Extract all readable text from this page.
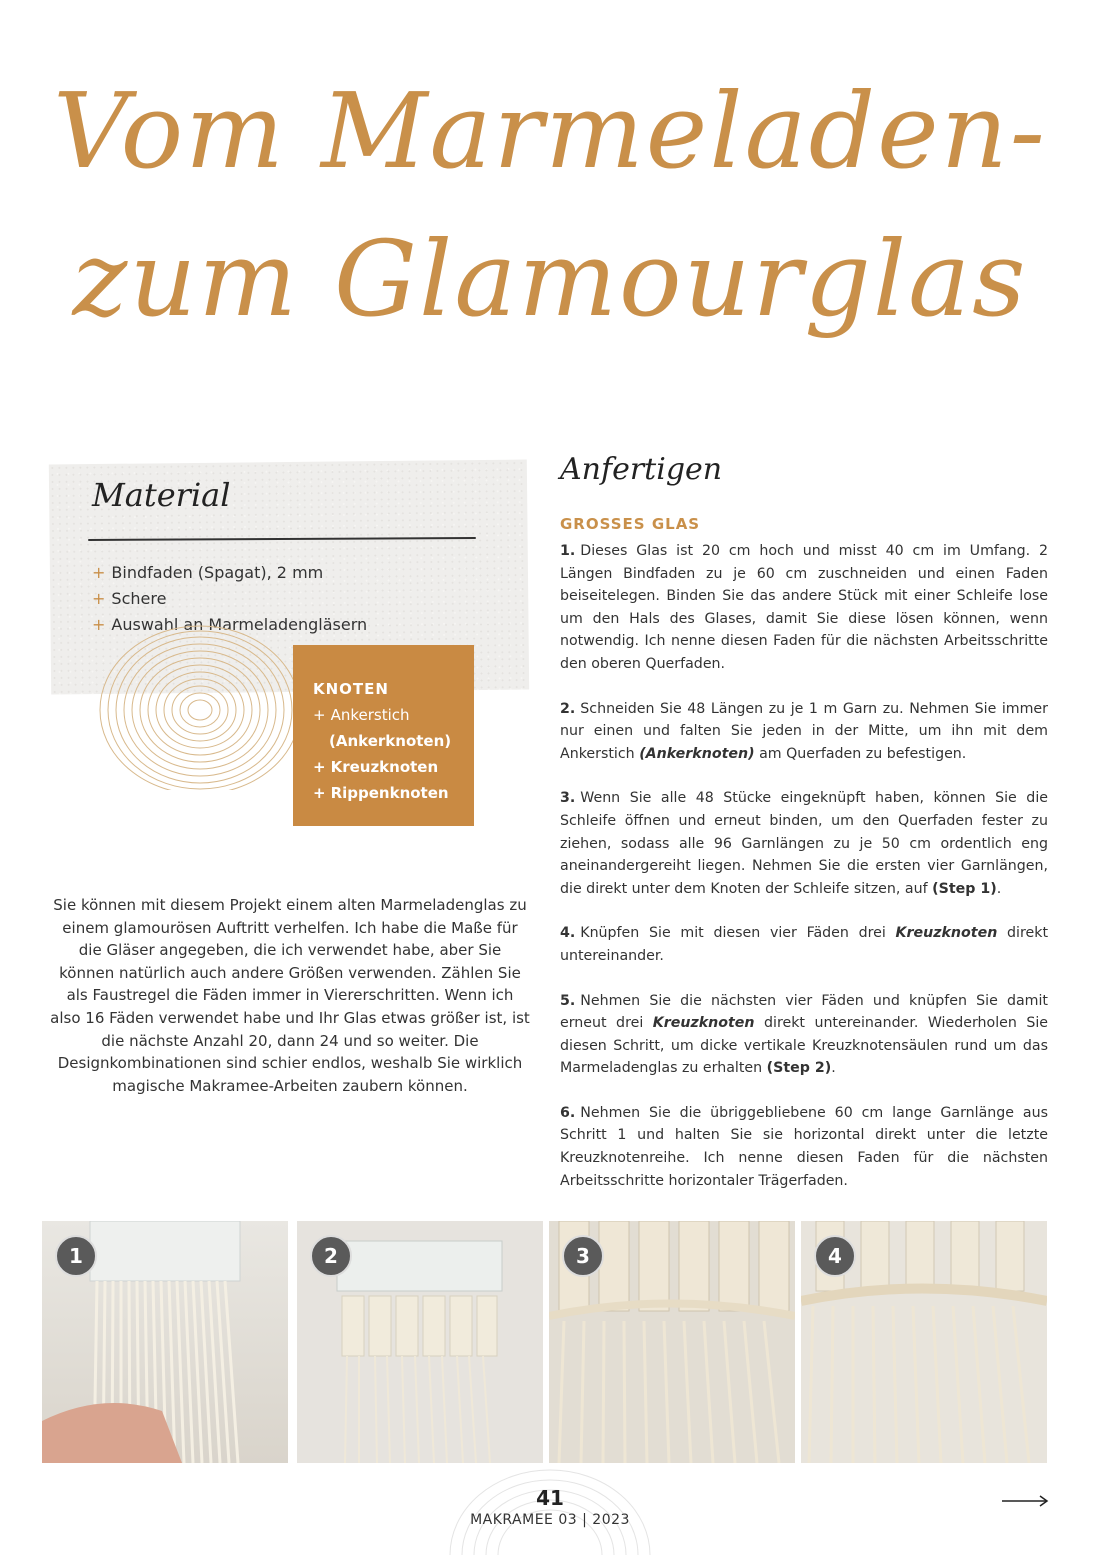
Vom Marmeladen-
zum Glamourglas
Material
+ Bindfaden (Spagat), 2 mm
+ Schere
+ Auswahl an Marmeladengläsern
KNOTEN
+ Ankerstich
(Ankerknoten)
+ Kreuzknoten
+ Rippenknoten

Sie können mit diesem Projekt einem alten Marmeladenglas zu einem glamourösen Auftritt verhelfen. Ich habe die Maße für die Gläser angegeben, die ich verwendet habe, aber Sie können natürlich auch andere Größen verwenden. Zählen Sie als Faustregel die Fäden immer in Viererschritten. Wenn ich also 16 Fäden verwendet habe und Ihr Glas etwas größer ist, ist die nächste Anzahl 20, dann 24 und so weiter. Die Designkombinationen sind schier endlos, weshalb Sie wirklich magische Makramee-Arbeiten zaubern können.

Anfertigen
GROSSES GLAS

1. Dieses Glas ist 20 cm hoch und misst 40 cm im Umfang. 2 Längen Bindfaden zu je 60 cm zuschneiden und einen Faden beiseitelegen. Binden Sie das andere Stück mit einer Schleife lose um den Hals des Glases, damit Sie diese lösen können, wenn notwendig. Ich nenne diesen Faden für die nächsten Arbeitsschritte den oberen Querfaden.

2. Schneiden Sie 48 Längen zu je 1 m Garn zu. Nehmen Sie immer nur einen und falten Sie jeden in der Mitte, um ihn mit dem Ankerstich (Ankerknoten) am Querfaden zu befestigen.

3. Wenn Sie alle 48 Stücke eingeknüpft haben, können Sie die Schleife öffnen und erneut binden, um den Querfaden fester zu ziehen, sodass alle 96 Garnlängen zu je 50 cm ordentlich eng aneinandergereiht liegen. Nehmen Sie die ersten vier Garnlängen, die direkt unter dem Knoten der Schleife sitzen, auf (Step 1).

4. Knüpfen Sie mit diesen vier Fäden drei Kreuzknoten direkt untereinander.

5. Nehmen Sie die nächsten vier Fäden und knüpfen Sie damit erneut drei Kreuzknoten direkt untereinander. Wiederholen Sie diesen Schritt, um dicke vertikale Kreuzknotensäulen rund um das Marmeladenglas zu erhalten (Step 2).

6. Nehmen Sie die übriggebliebene 60 cm lange Garnlänge aus Schritt 1 und halten Sie sie horizontal direkt unter die letzte Kreuzknotenreihe. Ich nenne diesen Faden für die nächsten Arbeitsschritte horizontaler Trägerfaden.

1	2	3	4
41
MAKRAMEE 03 | 2023
